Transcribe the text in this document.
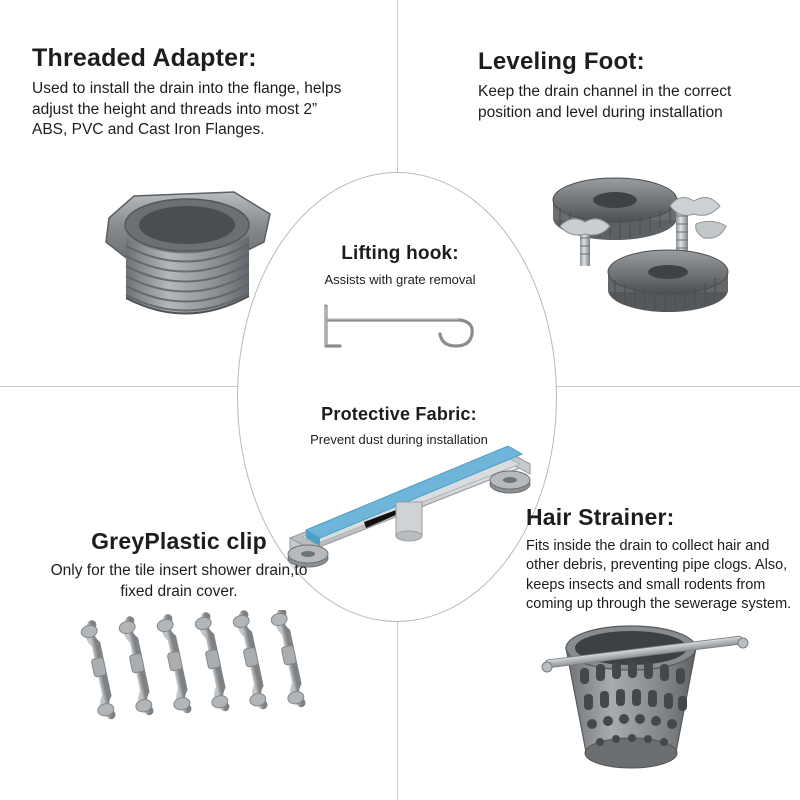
Threaded Adapter:
Used to install the drain into the flange, helps adjust the height and threads into most 2” ABS, PVC and Cast Iron Flanges.
Leveling Foot:
Keep the drain channel in the correct position and level during installation
Lifting hook:
Assists with grate removal
Protective Fabric:
Prevent dust during installation
GreyPlastic clip
Only for the tile insert shower drain,to fixed drain cover.
Hair Strainer:
Fits inside the drain to collect hair and other debris, preventing pipe clogs. Also, keeps insects and small rodents from coming up through the sewerage system.
